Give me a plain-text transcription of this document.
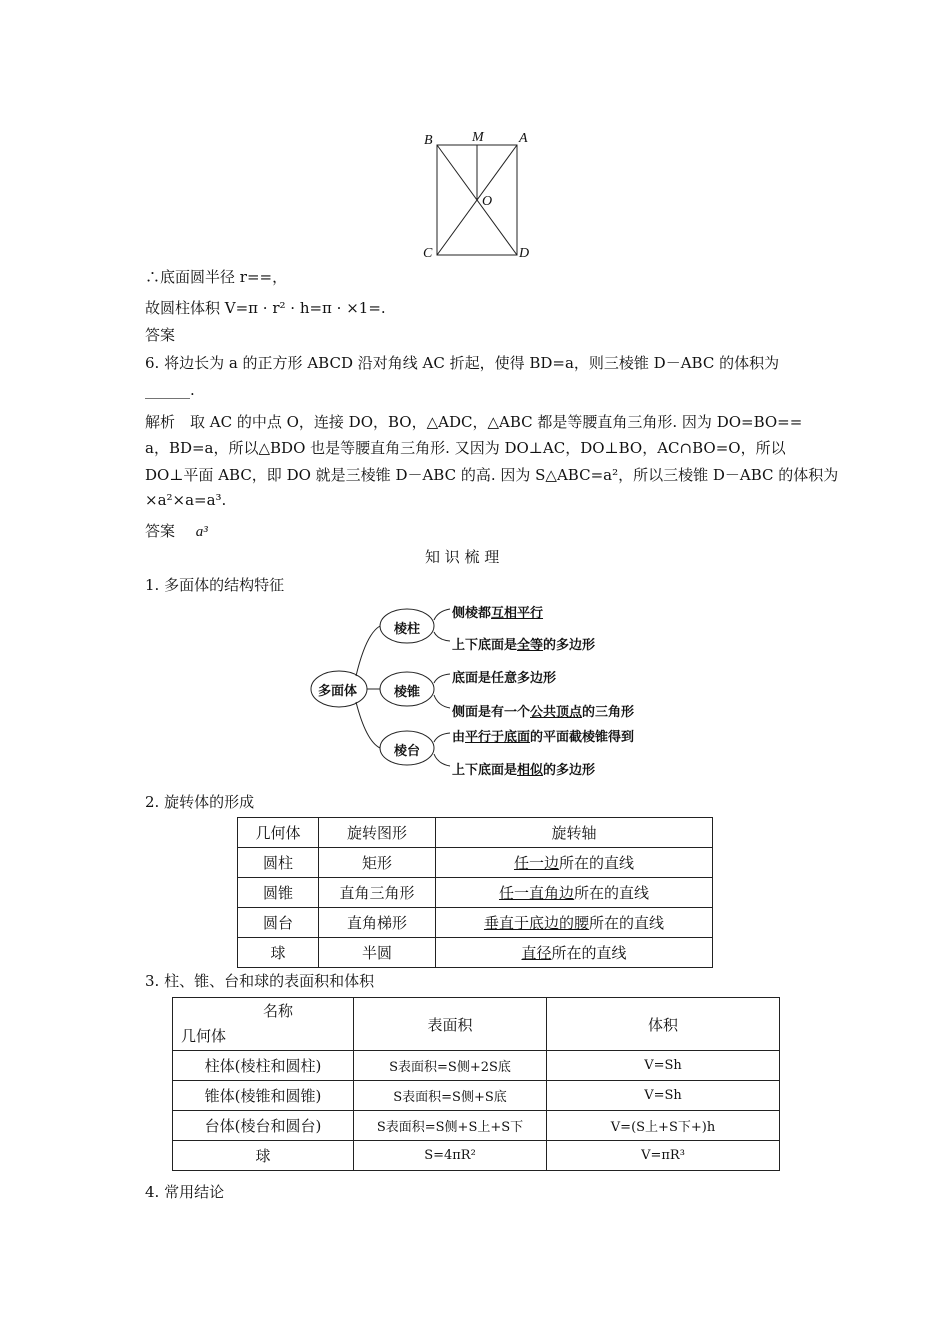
B	M	A
O
C	D
∴底面圆半径 r==，
故圆柱体积 V=π · r² · h=π · ×1=.
答案
6. 将边长为 a 的正方形 ABCD 沿对角线 AC 折起，使得 BD=a，则三棱锥 D－ABC 的体积为
______.
解析　取 AC 的中点 O，连接 DO，BO，△ADC，△ABC 都是等腰直角三角形. 因为 DO=BO==
a，BD=a，所以△BDO 也是等腰直角三角形. 又因为 DO⊥AC，DO⊥BO，AC∩BO=O，所以
DO⊥平面 ABC，即 DO 就是三棱锥 D－ABC 的高. 因为 S△ABC=a²，所以三棱锥 D－ABC 的体积为
×a²×a=a³.
答案 a³
知 识 梳 理
1. 多面体的结构特征
多面体
棱柱
棱锥
棱台
侧棱都互相平行
上下底面是全等的多边形
底面是任意多边形
侧面是有一个公共顶点的三角形
由平行于底面的平面截棱锥得到
上下底面是相似的多边形
2. 旋转体的形成
几何体	旋转图形	旋转轴
圆柱	矩形	任一边所在的直线
圆锥	直角三角形	任一直角边所在的直线
圆台	直角梯形	垂直于底边的腰所在的直线
球	半圆	直径所在的直线
3. 柱、锥、台和球的表面积和体积
名称
几何体	表面积	体积
柱体(棱柱和圆柱)	S表面积=S侧+2S底	V=Sh
锥体(棱锥和圆锥)	S表面积=S侧+S底	V=Sh
台体(棱台和圆台)	S表面积=S侧+S上+S下	V=(S上+S下+)h
球	S=4πR²	V=πR³
4. 常用结论
